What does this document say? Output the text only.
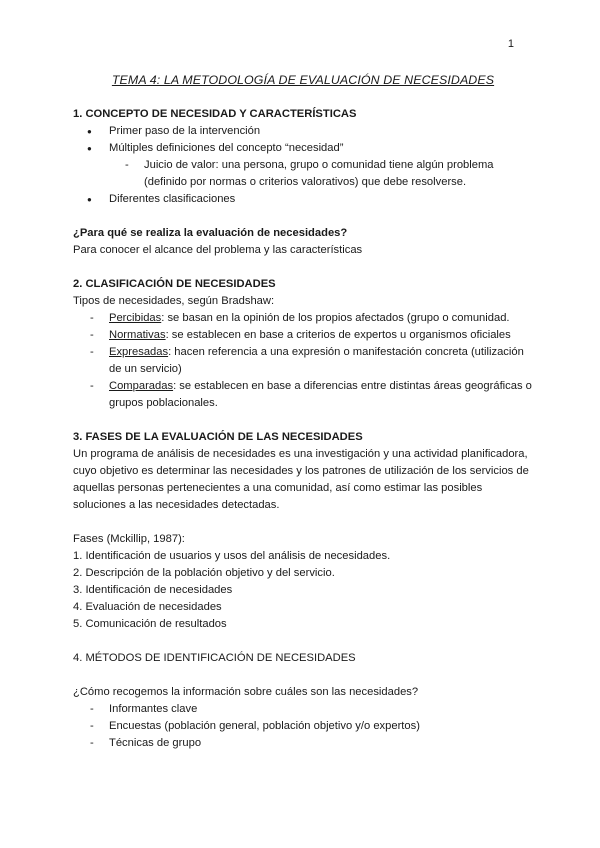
1
TEMA 4: LA METODOLOGÍA DE EVALUACIÓN DE NECESIDADES
1. CONCEPTO DE NECESIDAD Y CARACTERÍSTICAS
● Primer paso de la intervención
● Múltiples definiciones del concepto “necesidad”
- Juicio de valor: una persona, grupo o comunidad tiene algún problema (definido por normas o criterios valorativos) que debe resolverse.
● Diferentes clasificaciones

¿Para qué se realiza la evaluación de necesidades?

Para conocer el alcance del problema y las características

2. CLASIFICACIÓN DE NECESIDADES

Tipos de necesidades, según Bradshaw:

- Percibidas: se basan en la opinión de los propios afectados (grupo o comunidad.
- Normativas: se establecen en base a criterios de expertos u organismos oficiales
- Expresadas: hacen referencia a una expresión o manifestación concreta (utilización de un servicio)
- Comparadas: se establecen en base a diferencias entre distintas áreas geográficas o grupos poblacionales.
3. FASES DE LA EVALUACIÓN DE LAS NECESIDADES

Un programa de análisis de necesidades es una investigación y una actividad planificadora, cuyo objetivo es determinar las necesidades y los patrones de utilización de los servicios de aquellas personas pertenecientes a una comunidad, así como estimar las posibles soluciones a las necesidades detectadas.

Fases (Mckillip, 1987):

1. Identificación de usuarios y usos del análisis de necesidades.

2. Descripción de la población objetivo y del servicio.

3. Identificación de necesidades

4. Evaluación de necesidades

5. Comunicación de resultados

4. MÉTODOS DE IDENTIFICACIÓN DE NECESIDADES

¿Cómo recogemos la información sobre cuáles son las necesidades?

- Informantes clave
- Encuestas (población general, población objetivo y/o expertos)
- Técnicas de grupo
